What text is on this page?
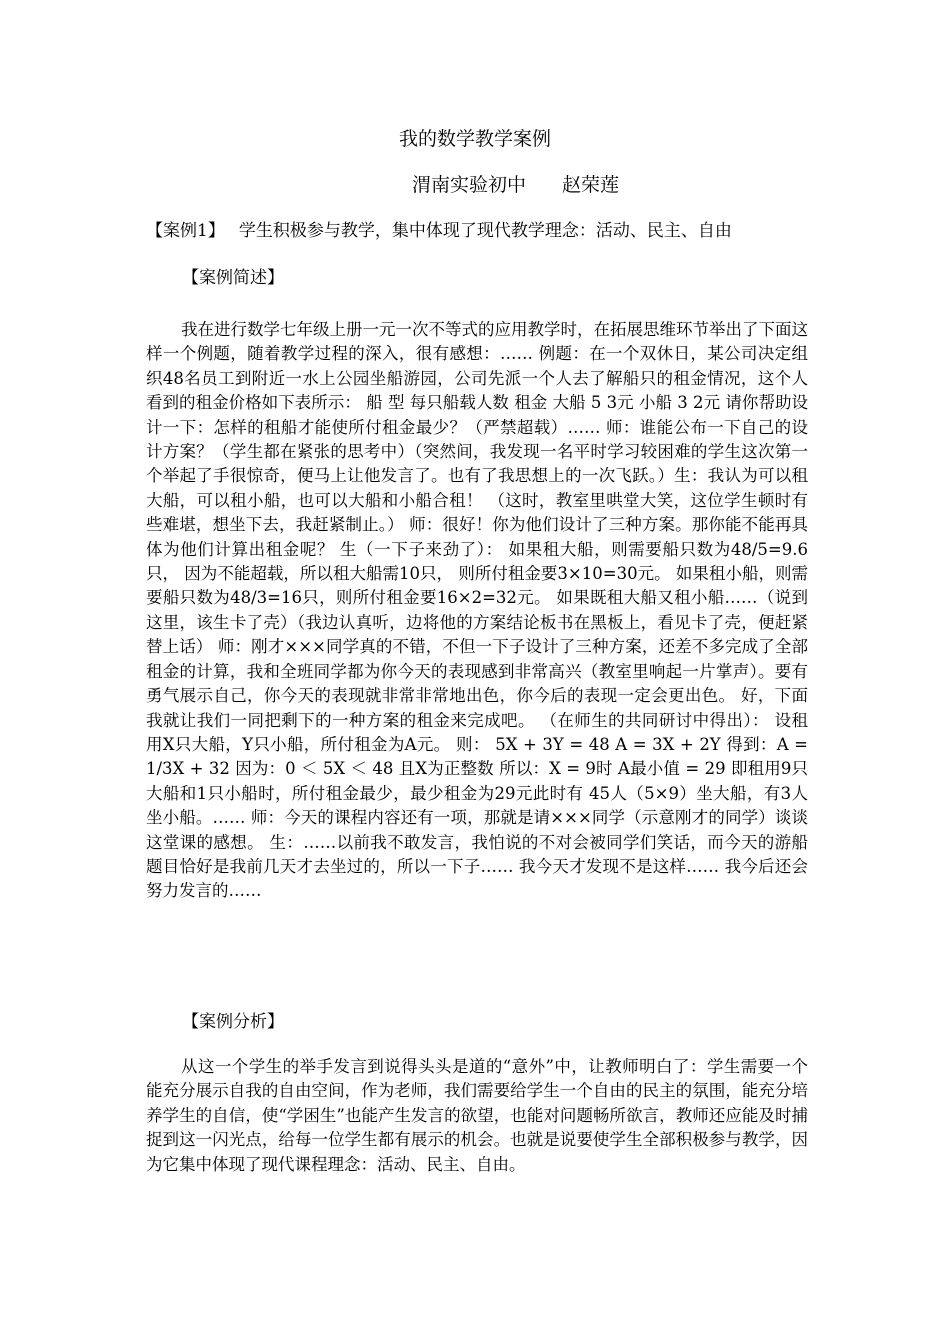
我的数学教学案例
渭南实验初中 赵荣莲
【案例1】 学生积极参与教学，集中体现了现代教学理念：活动、民主、自由
【案例简述】

我在进行数学七年级上册一元一次不等式的应用教学时，在拓展思维环节举出了下面这样一个例题，随着教学过程的深入，很有感想：…… 例题：在一个双休日，某公司决定组织48名员工到附近一水上公园坐船游园，公司先派一个人去了解船只的租金情况，这个人看到的租金价格如下表所示： 船 型 每只船载人数 租金 大船 5 3元 小船 3 2元 请你帮助设计一下：怎样的租船才能使所付租金最少？（严禁超载）…… 师：谁能公布一下自己的设计方案？（学生都在紧张的思考中）（突然间，我发现一名平时学习较困难的学生这次第一个举起了手很惊奇，便马上让他发言了。也有了我思想上的一次飞跃。）生：我认为可以租大船，可以租小船，也可以大船和小船合租！ （这时，教室里哄堂大笑，这位学生顿时有些难堪，想坐下去，我赶紧制止。） 师：很好！你为他们设计了三种方案。那你能不能再具体为他们计算出租金呢？ 生（一下子来劲了）： 如果租大船，则需要船只数为48/5=9.6只， 因为不能超载，所以租大船需10只， 则所付租金要3×10=30元。 如果租小船，则需要船只数为48/3=16只，则所付租金要16×2=32元。 如果既租大船又租小船……（说到这里，该生卡了壳）（我边认真听，边将他的方案结论板书在黑板上，看见卡了壳，便赶紧替上话） 师：刚才×××同学真的不错，不但一下子设计了三种方案，还差不多完成了全部租金的计算，我和全班同学都为你今天的表现感到非常高兴（教室里响起一片掌声）。要有勇气展示自己，你今天的表现就非常非常地出色，你今后的表现一定会更出色。 好，下面我就让我们一同把剩下的一种方案的租金来完成吧。 （在师生的共同研讨中得出）： 设租用X只大船，Y只小船，所付租金为A元。 则： 5X + 3Y = 48 A = 3X + 2Y 得到：A = 1/3X + 32 因为：0 ＜ 5X ＜ 48 且X为正整数 所以：X = 9时 A最小值 = 29 即租用9只大船和1只小船时，所付租金最少，最少租金为29元此时有 45人（5×9）坐大船，有3人坐小船。…… 师：今天的课程内容还有一项，那就是请×××同学（示意刚才的同学）谈谈这堂课的感想。 生：……以前我不敢发言，我怕说的不对会被同学们笑话，而今天的游船题目恰好是我前几天才去坐过的，所以一下子…… 我今天才发现不是这样…… 我今后还会努力发言的……

【案例分析】

从这一个学生的举手发言到说得头头是道的“意外”中，让教师明白了：学生需要一个能充分展示自我的自由空间，作为老师，我们需要给学生一个自由的民主的氛围，能充分培养学生的自信，使“学困生”也能产生发言的欲望，也能对问题畅所欲言，教师还应能及时捕捉到这一闪光点，给每一位学生都有展示的机会。也就是说要使学生全部积极参与教学，因为它集中体现了现代课程理念：活动、民主、自由。
